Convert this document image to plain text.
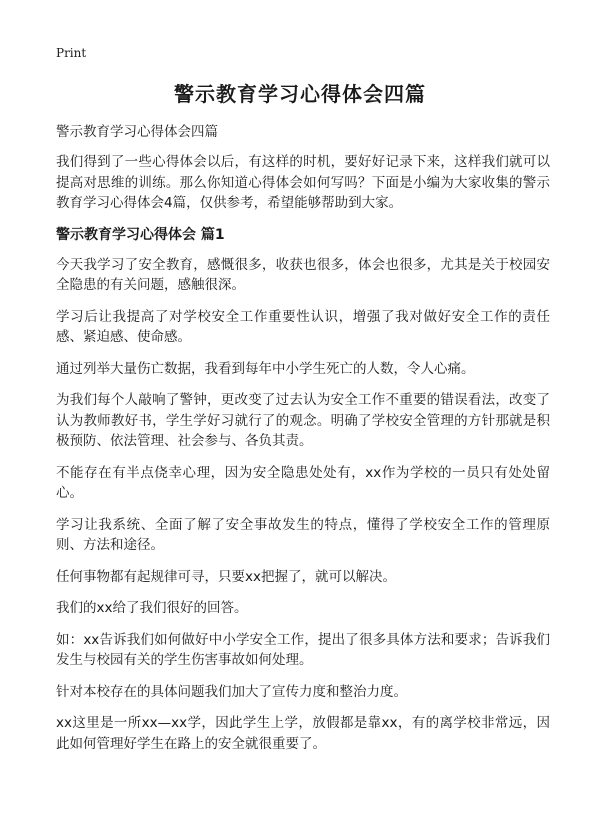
Print
警示教育学习心得体会四篇

警示教育学习心得体会四篇

我们得到了一些心得体会以后，有这样的时机，要好好记录下来，这样我们就可以提高对思维的训练。那么你知道心得体会如何写吗？下面是小编为大家收集的警示教育学习心得体会4篇，仅供参考，希望能够帮助到大家。

警示教育学习心得体会 篇1

今天我学习了安全教育，感慨很多，收获也很多，体会也很多，尤其是关于校园安全隐患的有关问题，感触很深。

学习后让我提高了对学校安全工作重要性认识，增强了我对做好安全工作的责任感、紧迫感、使命感。

通过列举大量伤亡数据，我看到每年中小学生死亡的人数，令人心痛。

为我们每个人敲响了警钟，更改变了过去认为安全工作不重要的错误看法，改变了认为教师教好书，学生学好习就行了的观念。明确了学校安全管理的方针那就是积极预防、依法管理、社会参与、各负其责。

不能存在有半点侥幸心理，因为安全隐患处处有，xx作为学校的一员只有处处留心。

学习让我系统、全面了解了安全事故发生的特点，懂得了学校安全工作的管理原则、方法和途径。

任何事物都有起规律可寻，只要xx把握了，就可以解决。

我们的xx给了我们很好的回答。

如：xx告诉我们如何做好中小学安全工作，提出了很多具体方法和要求；告诉我们发生与校园有关的学生伤害事故如何处理。

针对本校存在的具体问题我们加大了宣传力度和整治力度。

xx这里是一所xx—xx学，因此学生上学，放假都是靠xx，有的离学校非常远，因此如何管理好学生在路上的安全就很重要了。
